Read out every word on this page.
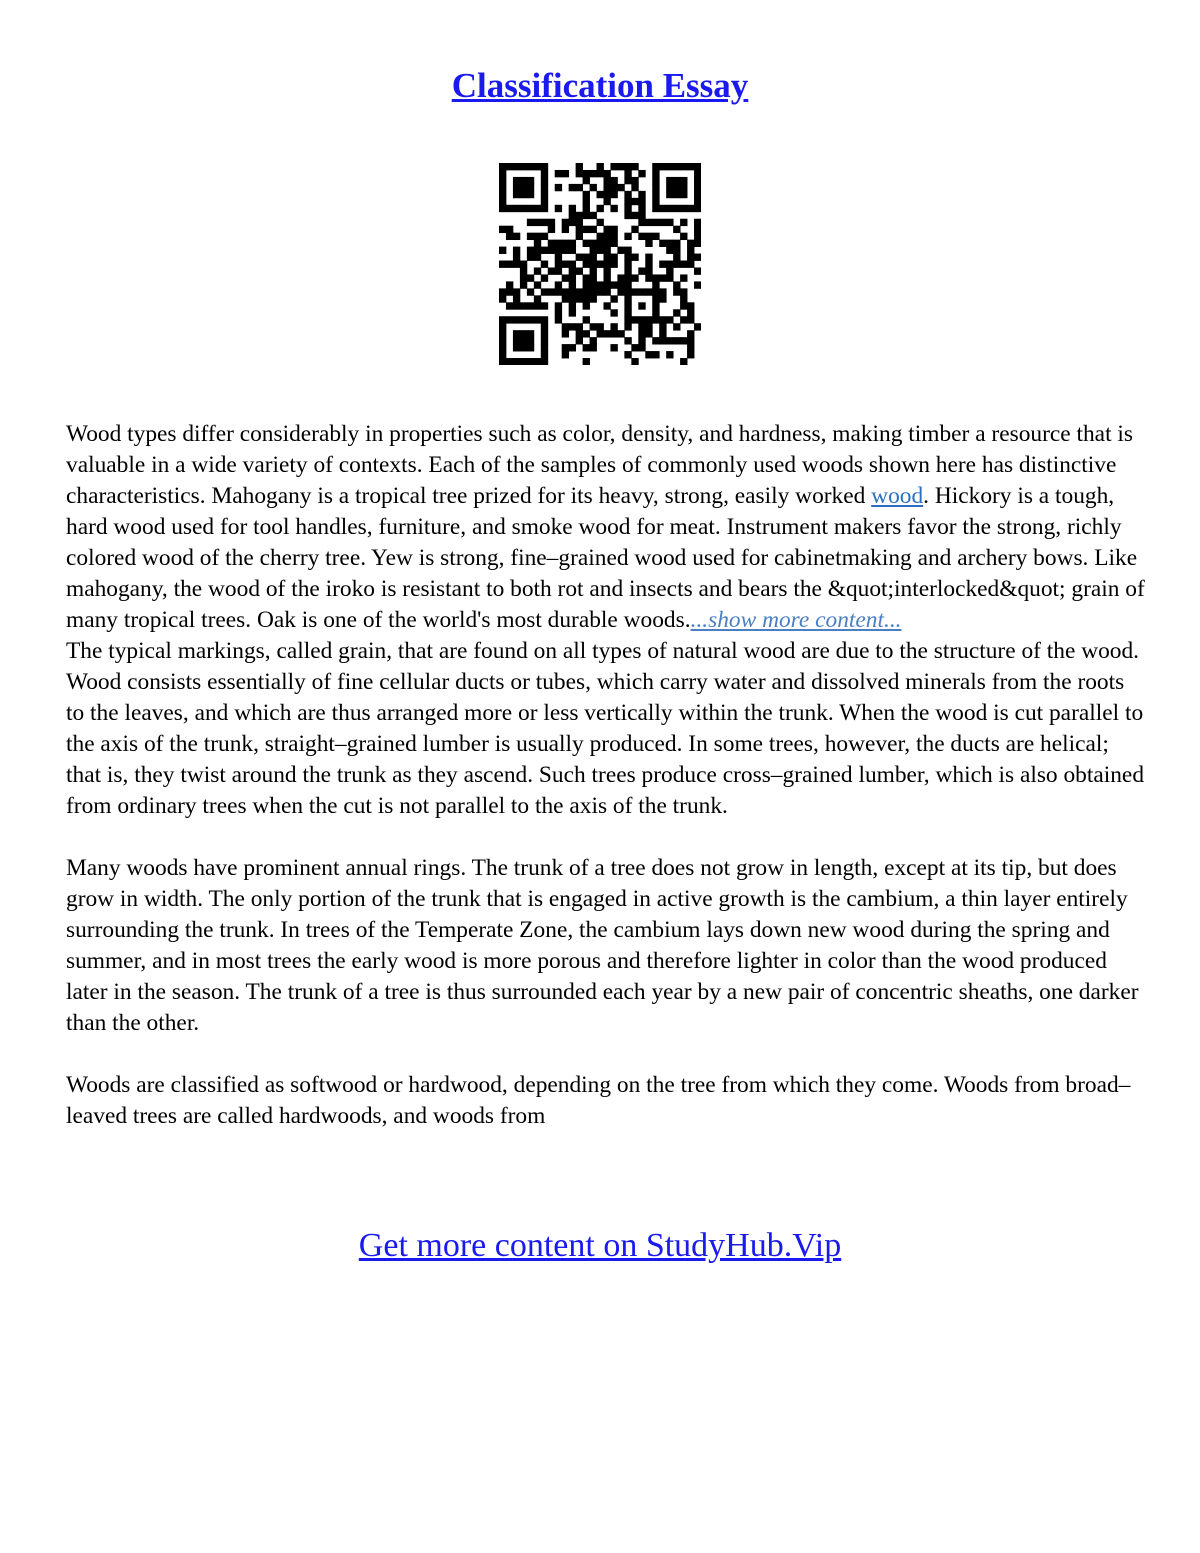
Classification Essay

Wood types differ considerably in properties such as color, density, and hardness, making timber a resource that is valuable in a wide variety of contexts. Each of the samples of commonly used woods shown here has distinctive characteristics. Mahogany is a tropical tree prized for its heavy, strong, easily worked wood. Hickory is a tough, hard wood used for tool handles, furniture, and smoke wood for meat. Instrument makers favor the strong, richly colored wood of the cherry tree. Yew is strong, fine–grained wood used for cabinetmaking and archery bows. Like mahogany, the wood of the iroko is resistant to both rot and insects and bears the &quot;interlocked&quot; grain of many tropical trees. Oak is one of the world's most durable woods....show more content...

The typical markings, called grain, that are found on all types of natural wood are due to the structure of the wood. Wood consists essentially of fine cellular ducts or tubes, which carry water and dissolved minerals from the roots to the leaves, and which are thus arranged more or less vertically within the trunk. When the wood is cut parallel to the axis of the trunk, straight–grained lumber is usually produced. In some trees, however, the ducts are helical; that is, they twist around the trunk as they ascend. Such trees produce cross–grained lumber, which is also obtained from ordinary trees when the cut is not parallel to the axis of the trunk.

Many woods have prominent annual rings. The trunk of a tree does not grow in length, except at its tip, but does grow in width. The only portion of the trunk that is engaged in active growth is the cambium, a thin layer entirely surrounding the trunk. In trees of the Temperate Zone, the cambium lays down new wood during the spring and summer, and in most trees the early wood is more porous and therefore lighter in color than the wood produced later in the season. The trunk of a tree is thus surrounded each year by a new pair of concentric sheaths, one darker than the other.

Woods are classified as softwood or hardwood, depending on the tree from which they come. Woods from broad–leaved trees are called hardwoods, and woods from

Get more content on StudyHub.Vip
